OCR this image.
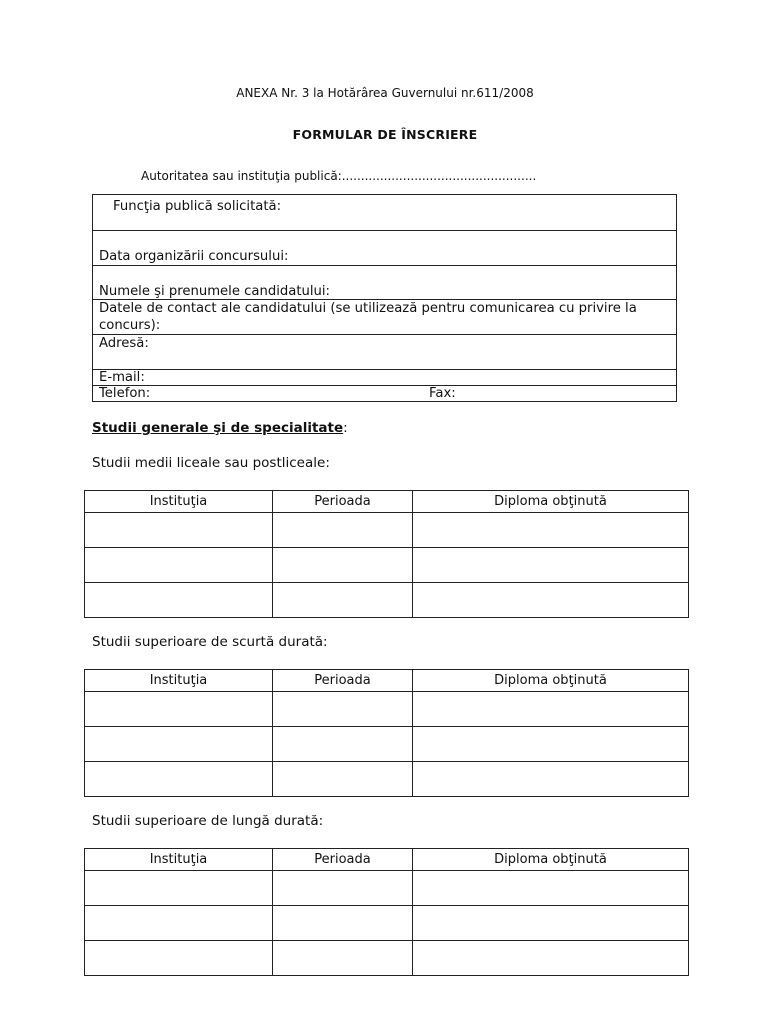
ANEXA Nr. 3 la Hotărârea Guvernului nr.611/2008
FORMULAR DE ÎNSCRIERE
Autoritatea sau instituţia publică:...................................................
Funcţia publică solicitată:
Data organizării concursului:
Numele şi prenumele candidatului:
Datele de contact ale candidatului (se utilizează pentru comunicarea cu privire la
concurs):
Adresă:
E-mail:
Telefon:	Fax:
Studii generale şi de specialitate:
Studii medii liceale sau postliceale:
Instituţia	Perioada	Diploma obţinută

Studii superioare de scurtă durată:
Instituţia	Perioada	Diploma obţinută

Studii superioare de lungă durată:
Instituţia	Perioada	Diploma obţinută
